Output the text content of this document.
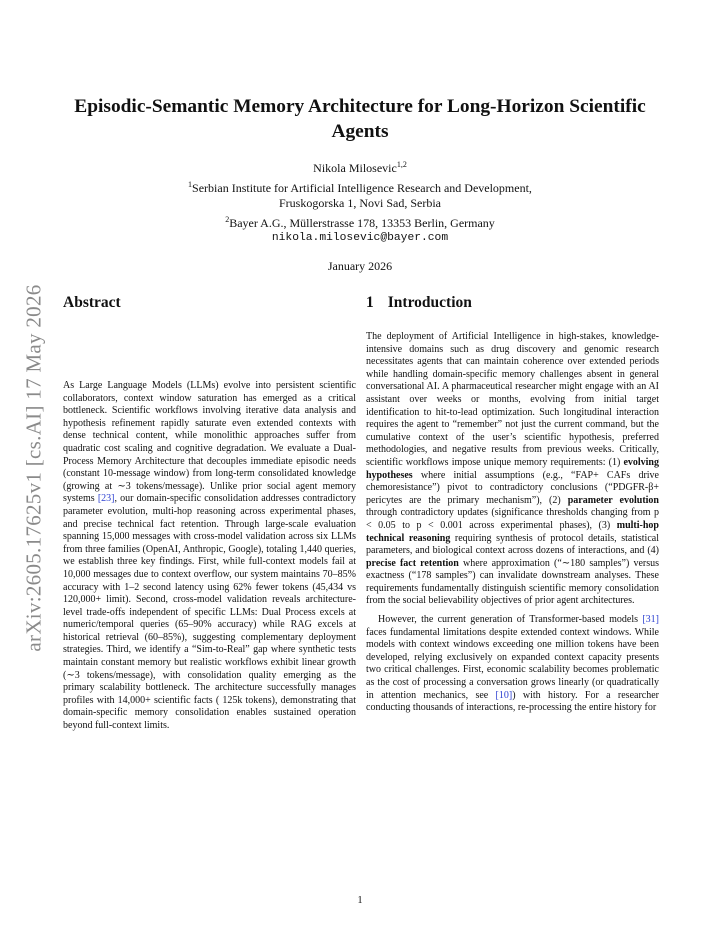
arXiv:2605.17625v1 [cs.AI] 17 May 2026
Episodic-Semantic Memory Architecture for Long-Horizon Scientific Agents
Nikola Milosevic$^{1,2}$
$^1$Serbian Institute for Artificial Intelligence Research and Development,
Fruskogorska 1, Novi Sad, Serbia
$^2$Bayer A.G., Müllerstrasse 178, 13353 Berlin, Germany
nikola.milosevic@bayer.com
January 2026
Abstract
As Large Language Models (LLMs) evolve into persistent scientific collaborators, context window saturation has emerged as a critical bottleneck. Scientific workflows involving iterative data analysis and hypothesis refinement rapidly saturate even extended contexts with dense technical content, while monolithic approaches suffer from quadratic cost scaling and cognitive degradation. We evaluate a Dual-Process Memory Architecture that decouples immediate episodic needs (constant 10-message window) from long-term consolidated knowledge (growing at ∼3 tokens/message). Unlike prior social agent memory systems [23], our domain-specific consolidation addresses contradictory parameter evolution, multi-hop reasoning across experimental phases, and precise technical fact retention. Through large-scale evaluation spanning 15,000 messages with cross-model validation across six LLMs from three families (OpenAI, Anthropic, Google), totaling 1,440 queries, we establish three key findings. First, while full-context models fail at 10,000 messages due to context overflow, our system maintains 70–85% accuracy with 1–2 second latency using 62% fewer tokens (45,434 vs 120,000+ limit). Second, cross-model validation reveals architecture-level trade-offs independent of specific LLMs: Dual Process excels at numeric/temporal queries (65–90% accuracy) while RAG excels at historical retrieval (60–85%), suggesting complementary deployment strategies. Third, we identify a “Sim-to-Real” gap where synthetic tests maintain constant memory but realistic workflows exhibit linear growth (∼3 tokens/message), with consolidation quality emerging as the primary scalability bottleneck. The architecture successfully manages profiles with 14,000+ scientific facts ( 125k tokens), demonstrating that domain-specific memory consolidation enables sustained operation beyond full-context limits.
1 Introduction

The deployment of Artificial Intelligence in high-stakes, knowledge-intensive domains such as drug discovery and genomic research necessitates agents that can maintain coherence over extended periods while handling domain-specific memory challenges absent in general conversational AI. A pharmaceutical researcher might engage with an AI assistant over weeks or months, evolving from initial target identification to hit-to-lead optimization. Such longitudinal interaction requires the agent to “remember” not just the current command, but the cumulative context of the user’s scientific hypothesis, preferred methodologies, and negative results from previous weeks. Critically, scientific workflows impose unique memory requirements: (1) evolving hypotheses where initial assumptions (e.g., “FAP+ CAFs drive chemoresistance”) pivot to contradictory conclusions (“PDGFR-β+ pericytes are the primary mechanism”), (2) parameter evolution through contradictory updates (significance thresholds changing from p < 0.05 to p < 0.001 across experimental phases), (3) multi-hop technical reasoning requiring synthesis of protocol details, statistical parameters, and biological context across dozens of interactions, and (4) precise fact retention where approximation (“∼180 samples”) versus exactness (“178 samples”) can invalidate downstream analyses. These requirements fundamentally distinguish scientific memory consolidation from the social believability objectives of prior agent architectures.

However, the current generation of Transformer-based models [31] faces fundamental limitations despite extended context windows. While models with context windows exceeding one million tokens have been developed, relying exclusively on expanded context capacity presents two critical challenges. First, economic scalability becomes problematic as the cost of processing a conversation grows linearly (or quadratically in attention mechanics, see [10]) with history. For a researcher conducting thousands of interactions, re-processing the entire history for

1
